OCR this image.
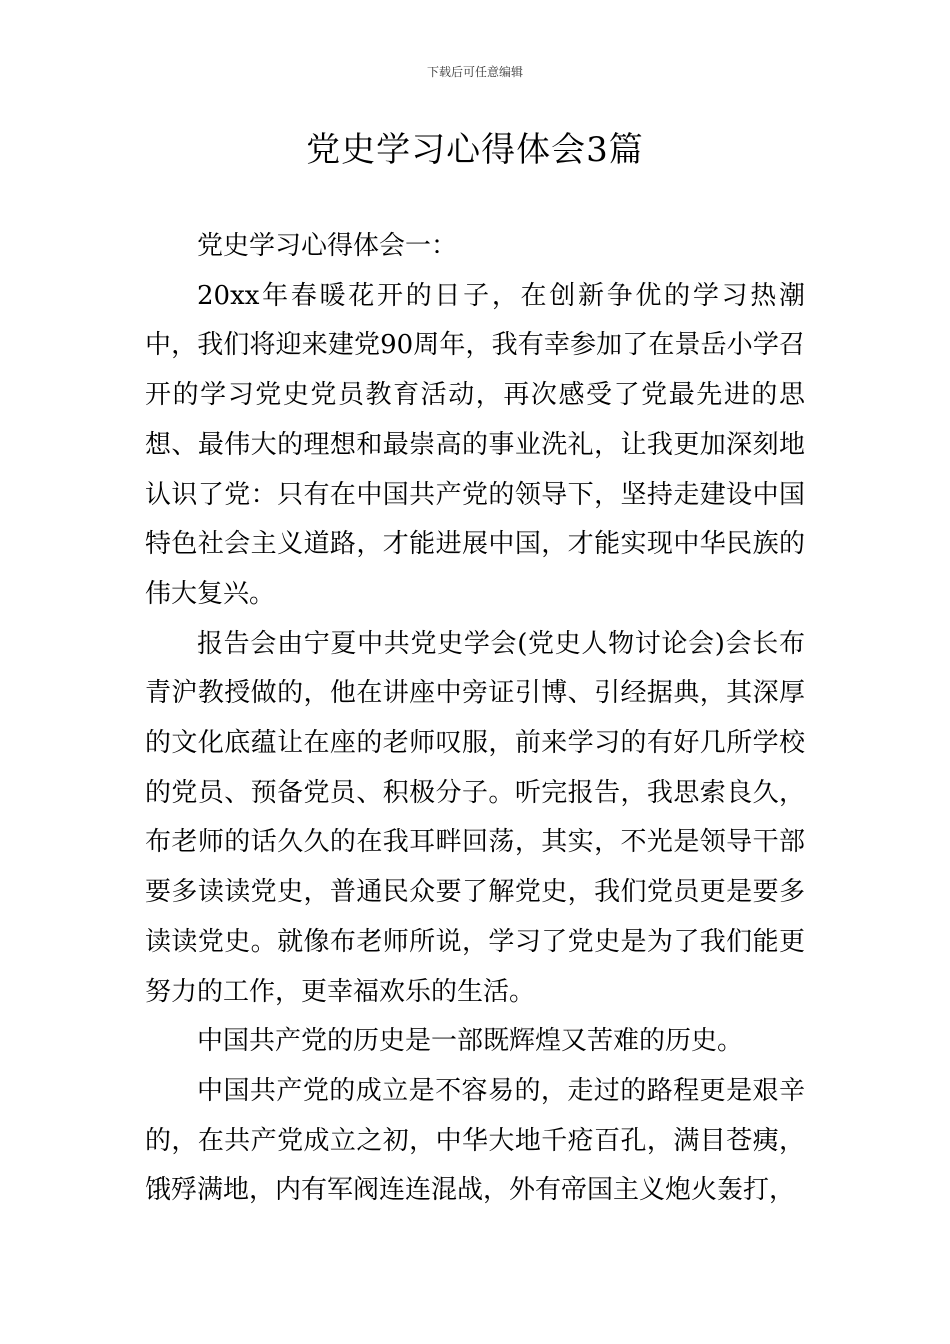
下载后可任意编辑
党史学习心得体会3篇

党史学习心得体会一：

20xx年春暖花开的日子，在创新争优的学习热潮中，我们将迎来建党90周年，我有幸参加了在景岳小学召开的学习党史党员教育活动，再次感受了党最先进的思想、最伟大的理想和最崇高的事业洗礼，让我更加深刻地认识了党：只有在中国共产党的领导下，坚持走建设中国特色社会主义道路，才能进展中国，才能实现中华民族的伟大复兴。

报告会由宁夏中共党史学会(党史人物讨论会)会长布青沪教授做的，他在讲座中旁证引博、引经据典，其深厚的文化底蕴让在座的老师叹服，前来学习的有好几所学校的党员、预备党员、积极分子。听完报告，我思索良久，布老师的话久久的在我耳畔回荡，其实，不光是领导干部要多读读党史，普通民众要了解党史，我们党员更是要多读读党史。就像布老师所说，学习了党史是为了我们能更努力的工作，更幸福欢乐的生活。

中国共产党的历史是一部既辉煌又苦难的历史。

中国共产党的成立是不容易的，走过的路程更是艰辛的，在共产党成立之初，中华大地千疮百孔，满目苍痍，饿殍满地，内有军阀连连混战，外有帝国主义炮火轰打，
